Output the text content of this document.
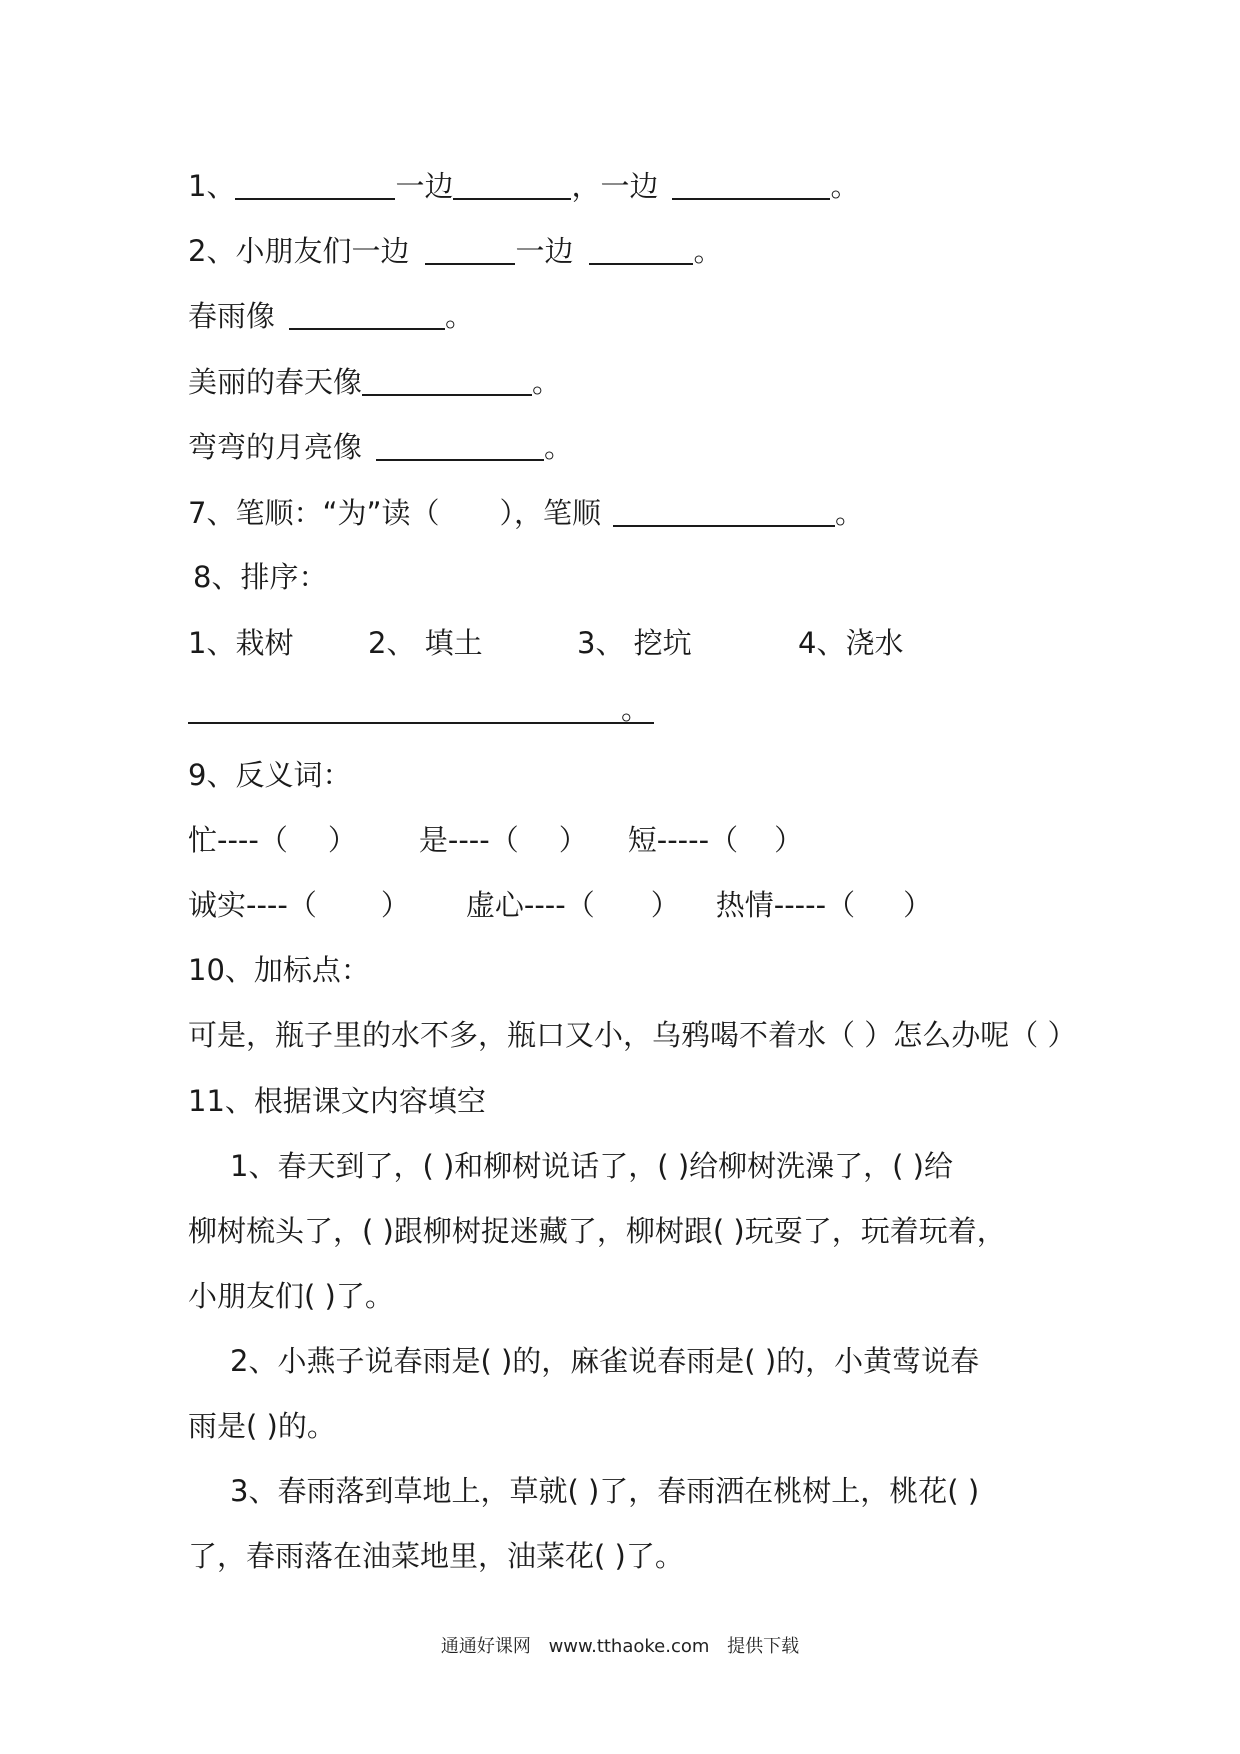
1、	一边	，一边	。
2、小朋友们一边	一边	。
春雨像	。
美丽的春天像	。
弯弯的月亮像	。
7、笔顺：“为”读（ ），笔顺	。
8、排序：
1、栽树	2、 填土	3、 挖坑	4、浇水
。
9、反义词：
忙----（ ） 是----（ ） 短-----（ ）
诚实----（ ） 虚心----（ ） 热情-----（ ）
10、加标点：
可是，瓶子里的水不多，瓶口又小，乌鸦喝不着水（ ）怎么办呢（ ）
11、根据课文内容填空
1、春天到了，( )和柳树说话了，( )给柳树洗澡了，( )给
柳树梳头了，( )跟柳树捉迷藏了，柳树跟( )玩耍了，玩着玩着，
小朋友们( )了。
2、小燕子说春雨是( )的，麻雀说春雨是( )的，小黄莺说春
雨是( )的。
3、春雨落到草地上，草就( )了，春雨洒在桃树上，桃花( )
了，春雨落在油菜地里，油菜花( )了。
通通好课网 www.tthaoke.com 提供下载
